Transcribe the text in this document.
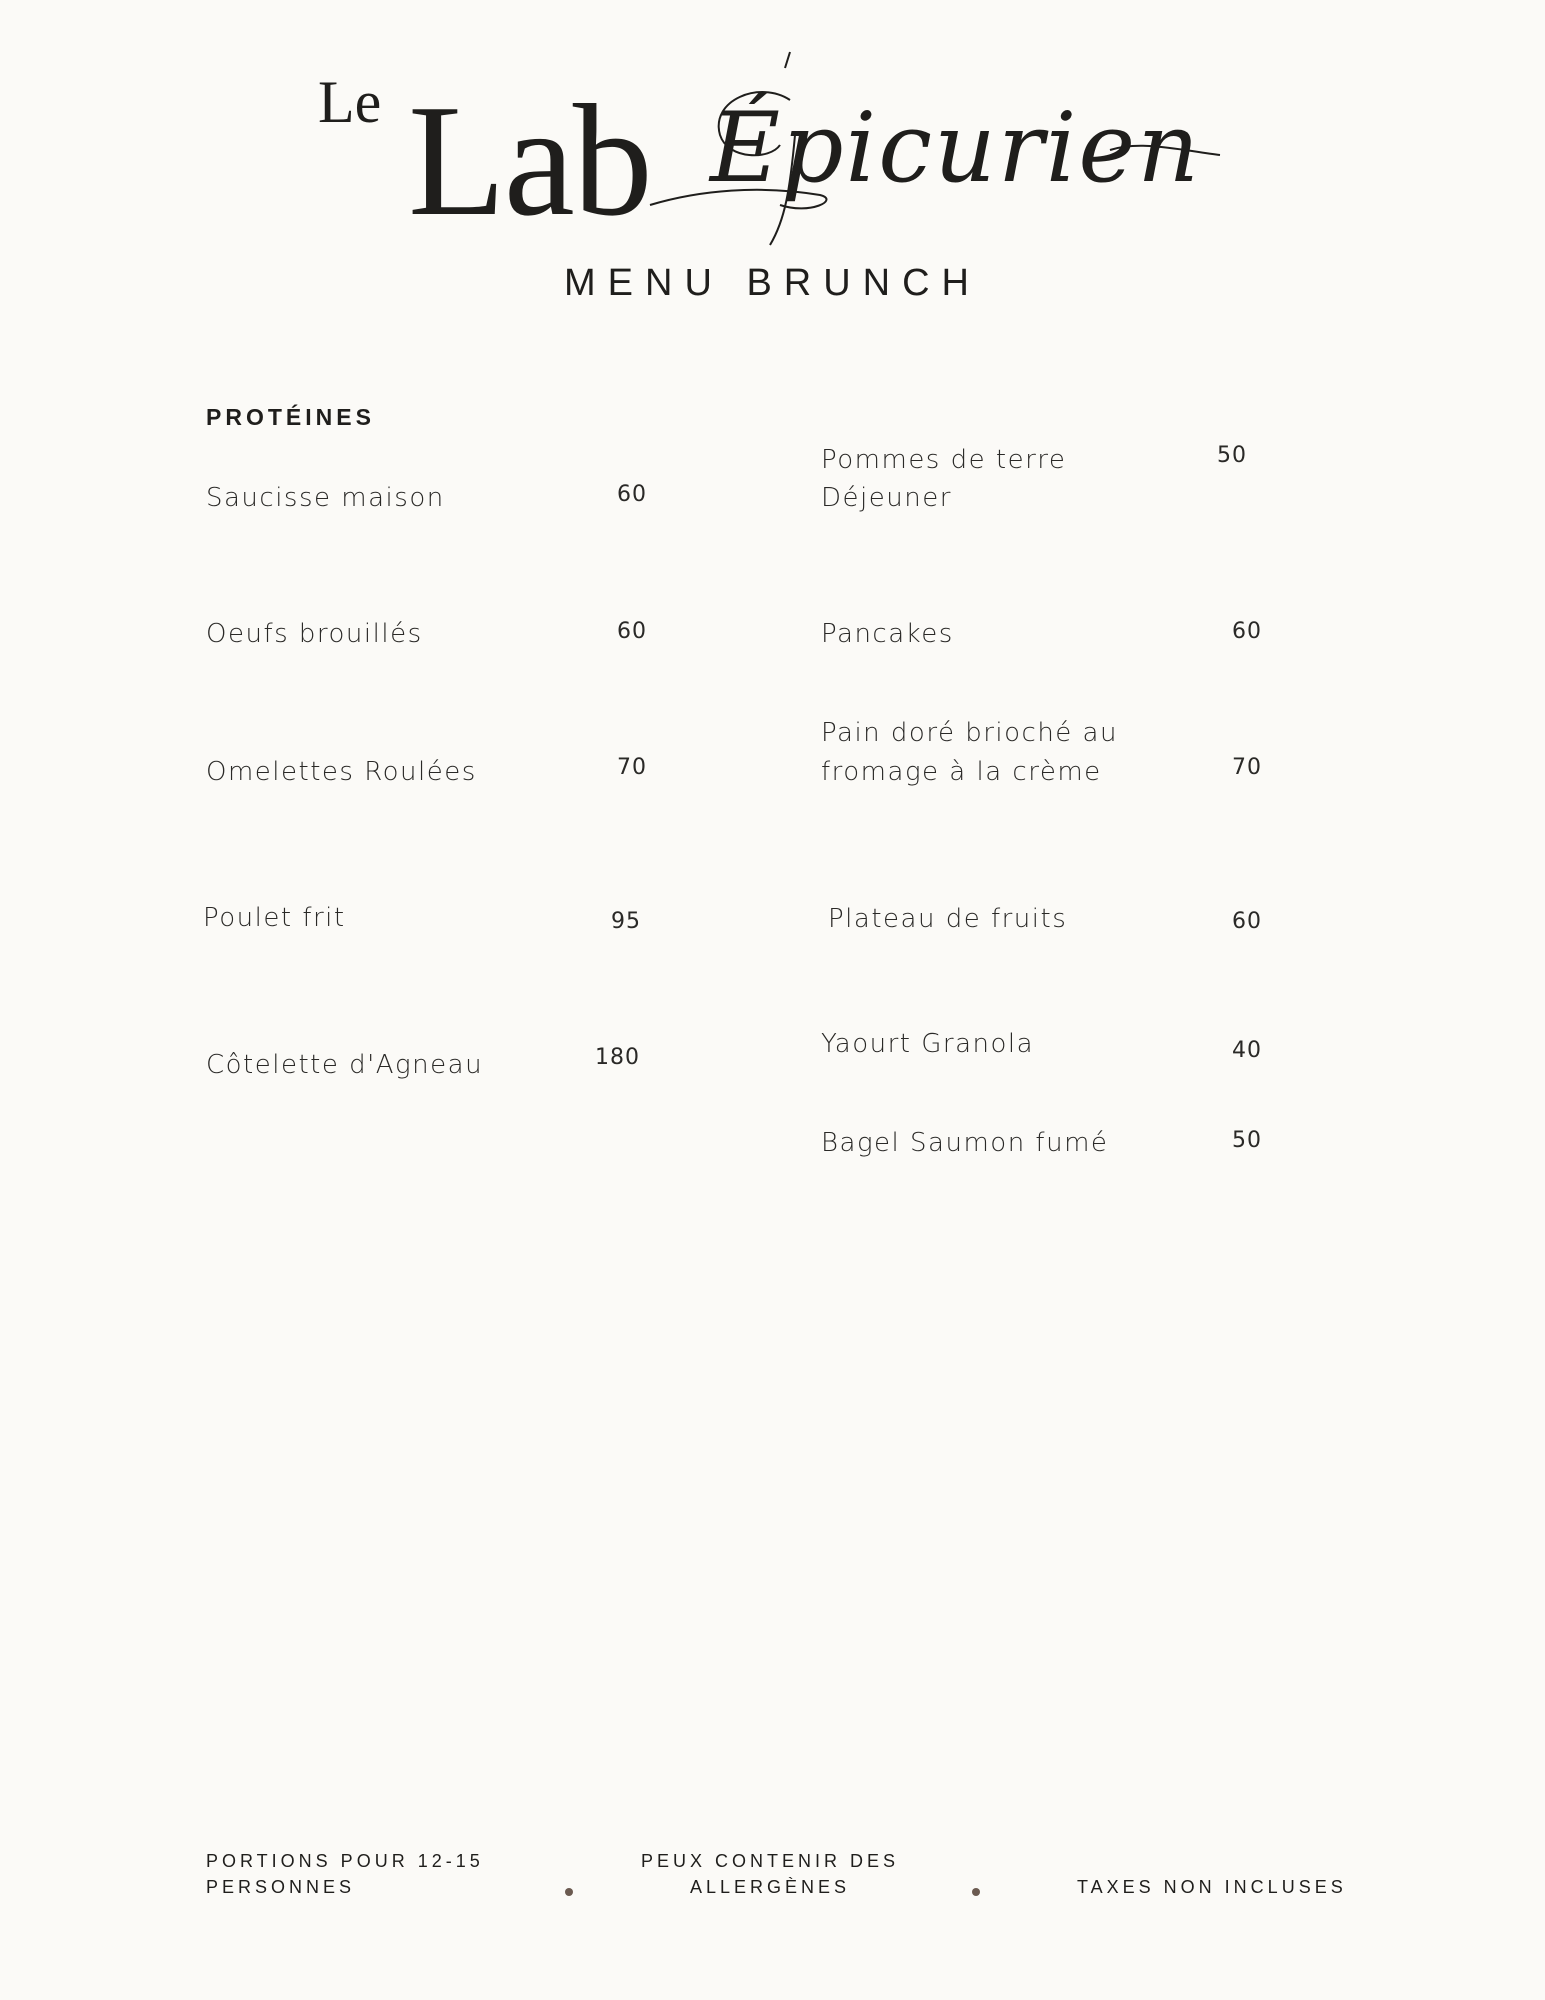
Le Lab Épicurien
MENU BRUNCH
PROTÉINES
Saucisse maison	60
Oeufs brouillés	60
Omelettes Roulées	70
Poulet frit	95
Côtelette d'Agneau	180
Pommes de terre
Déjeuner
50
Pancakes	60
Pain doré brioché au
fromage à la crème	70
Plateau de fruits	60
Yaourt Granola	40
Bagel Saumon fumé	50
PORTIONS POUR 12-15
PERSONNES
PEUX CONTENIR DES
ALLERGÈNES	TAXES NON INCLUSES
